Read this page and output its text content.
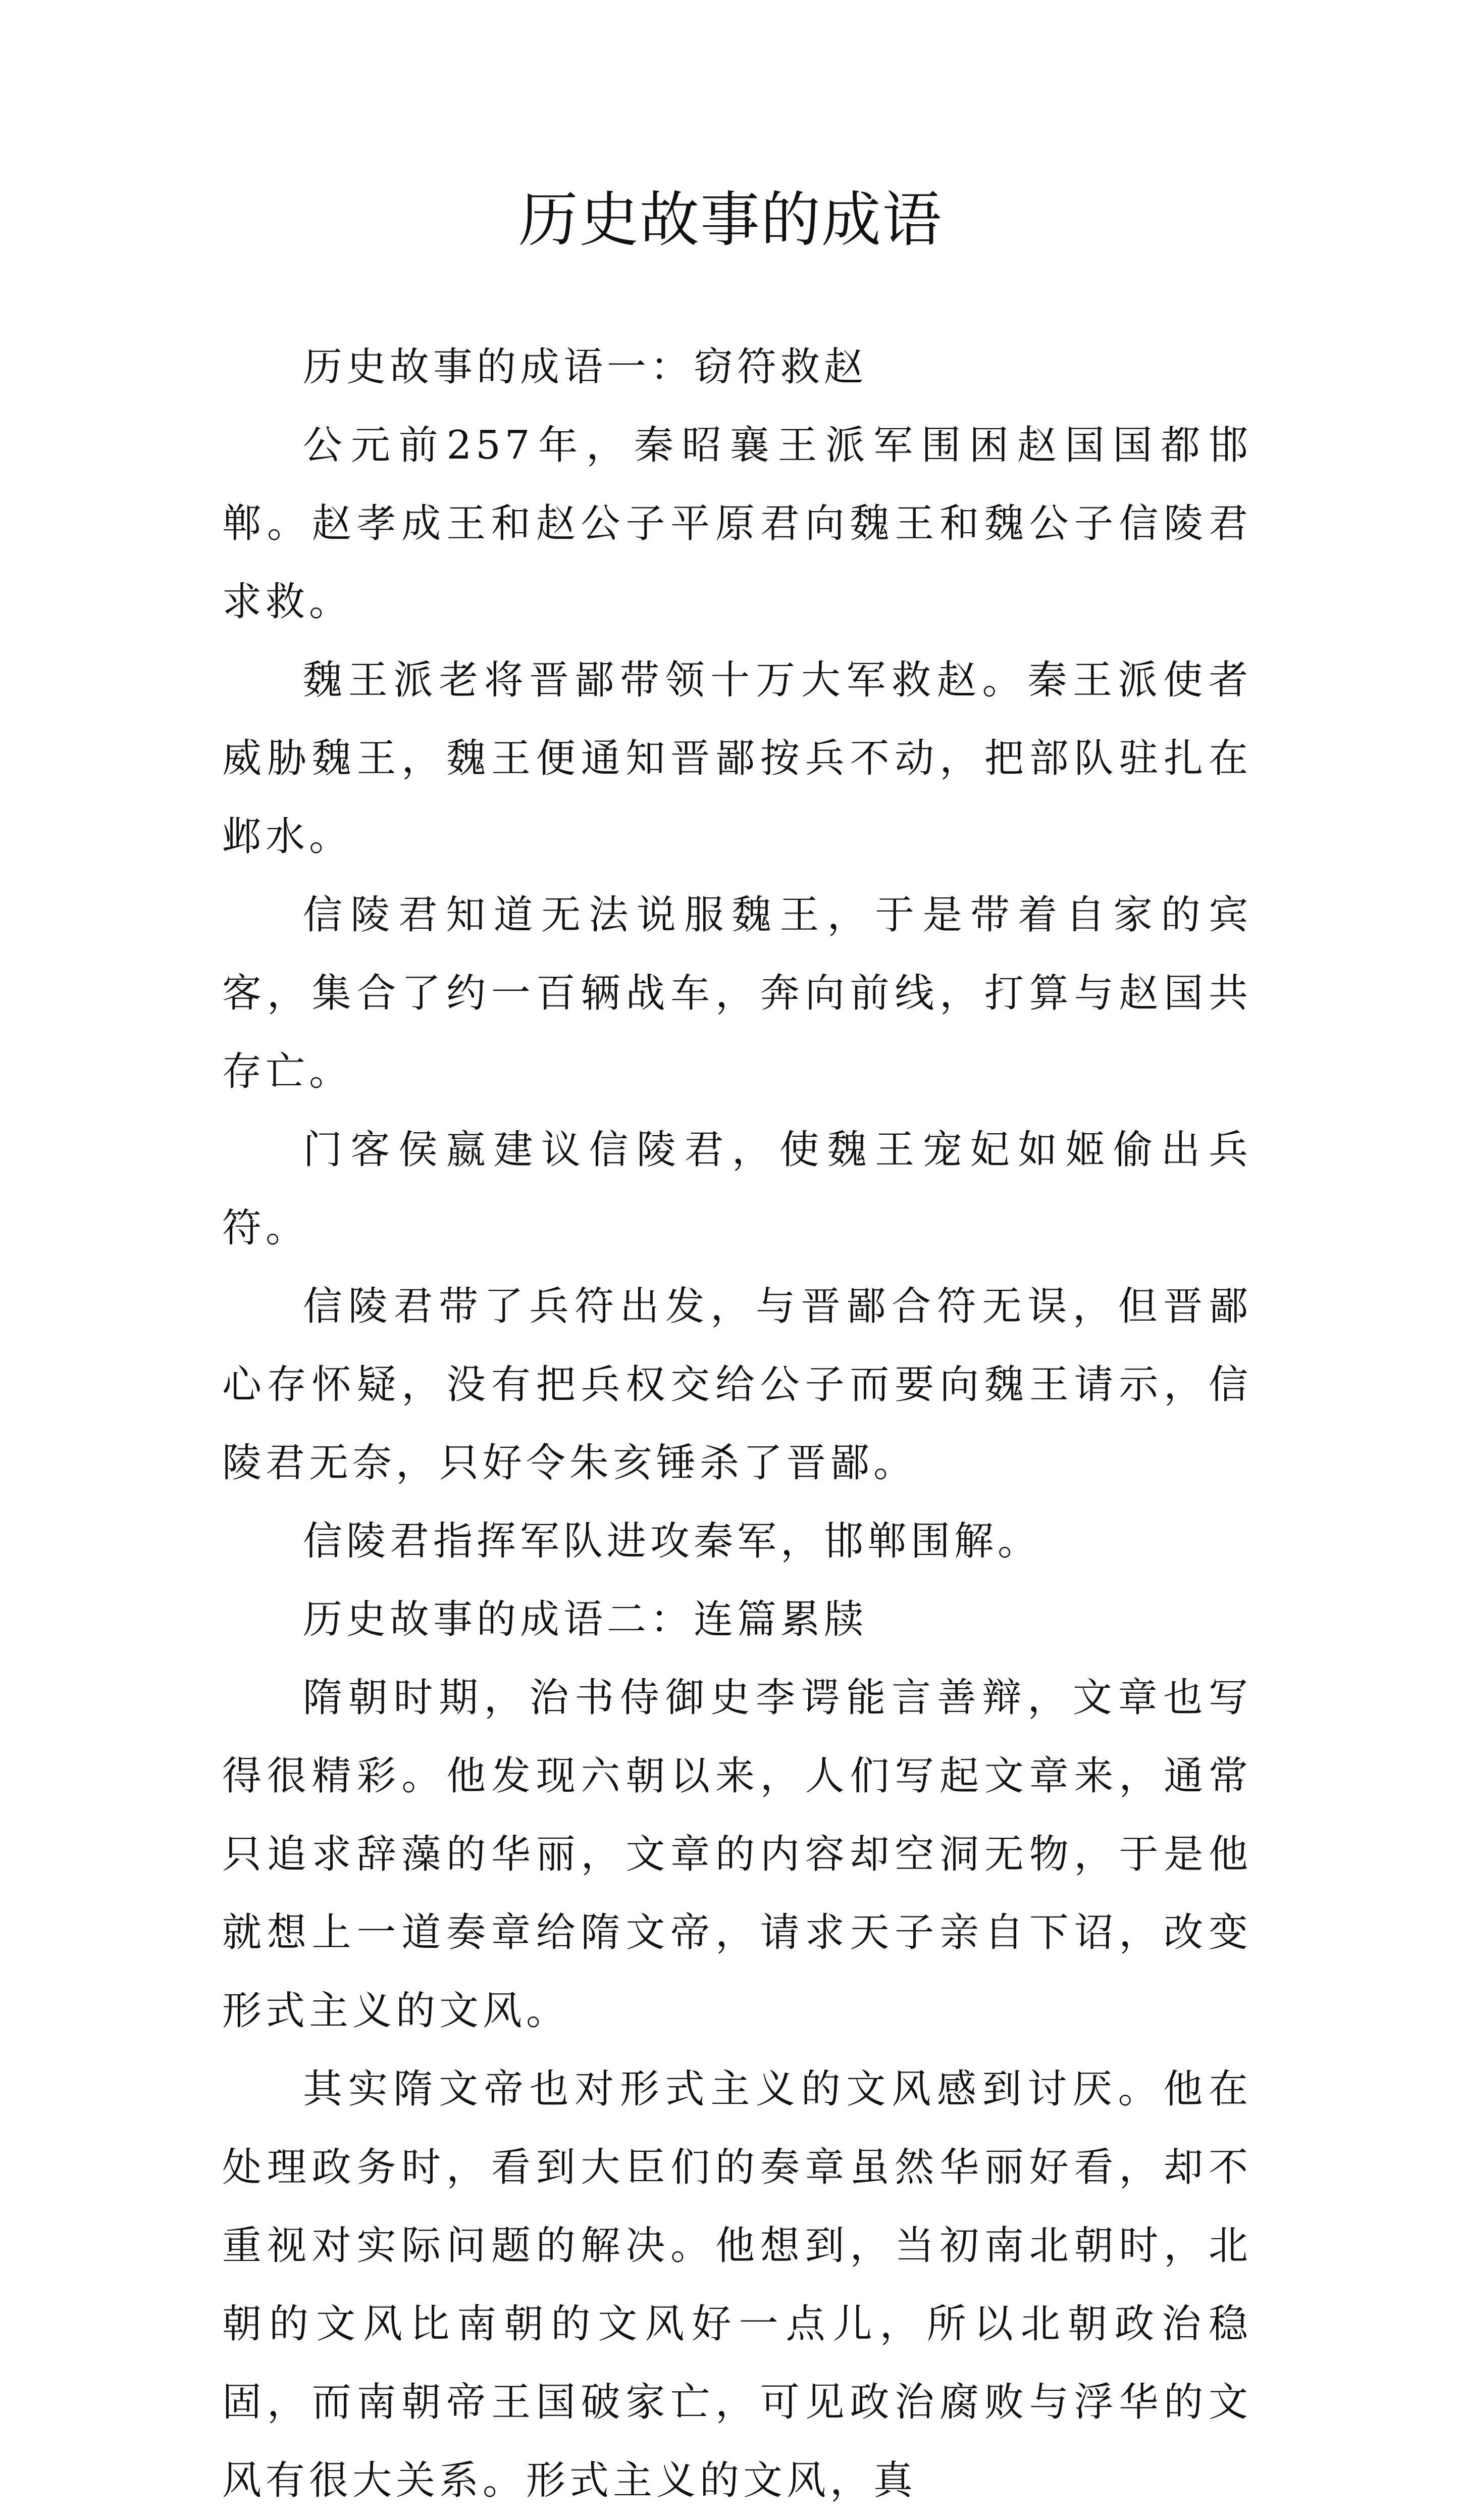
历史故事的成语

历史故事的成语一：窃符救赵

公元前257年，秦昭襄王派军围困赵国国都邯郸。赵孝成王和赵公子平原君向魏王和魏公子信陵君求救。

魏王派老将晋鄙带领十万大军救赵。秦王派使者威胁魏王，魏王便通知晋鄙按兵不动，把部队驻扎在邺水。

信陵君知道无法说服魏王，于是带着自家的宾客，集合了约一百辆战车，奔向前线，打算与赵国共存亡。

门客侯嬴建议信陵君，使魏王宠妃如姬偷出兵符。

信陵君带了兵符出发，与晋鄙合符无误，但晋鄙心存怀疑，没有把兵权交给公子而要向魏王请示，信陵君无奈，只好令朱亥锤杀了晋鄙。

信陵君指挥军队进攻秦军，邯郸围解。

历史故事的成语二：连篇累牍

隋朝时期，治书侍御史李谔能言善辩，文章也写得很精彩。他发现六朝以来，人们写起文章来，通常只追求辞藻的华丽，文章的内容却空洞无物，于是他就想上一道奏章给隋文帝，请求天子亲自下诏，改变形式主义的文风。

其实隋文帝也对形式主义的文风感到讨厌。他在处理政务时，看到大臣们的奏章虽然华丽好看，却不重视对实际问题的解决。他想到，当初南北朝时，北朝的文风比南朝的文风好一点儿，所以北朝政治稳固，而南朝帝王国破家亡，可见政治腐败与浮华的文风有很大关系。形式主义的文风，真
